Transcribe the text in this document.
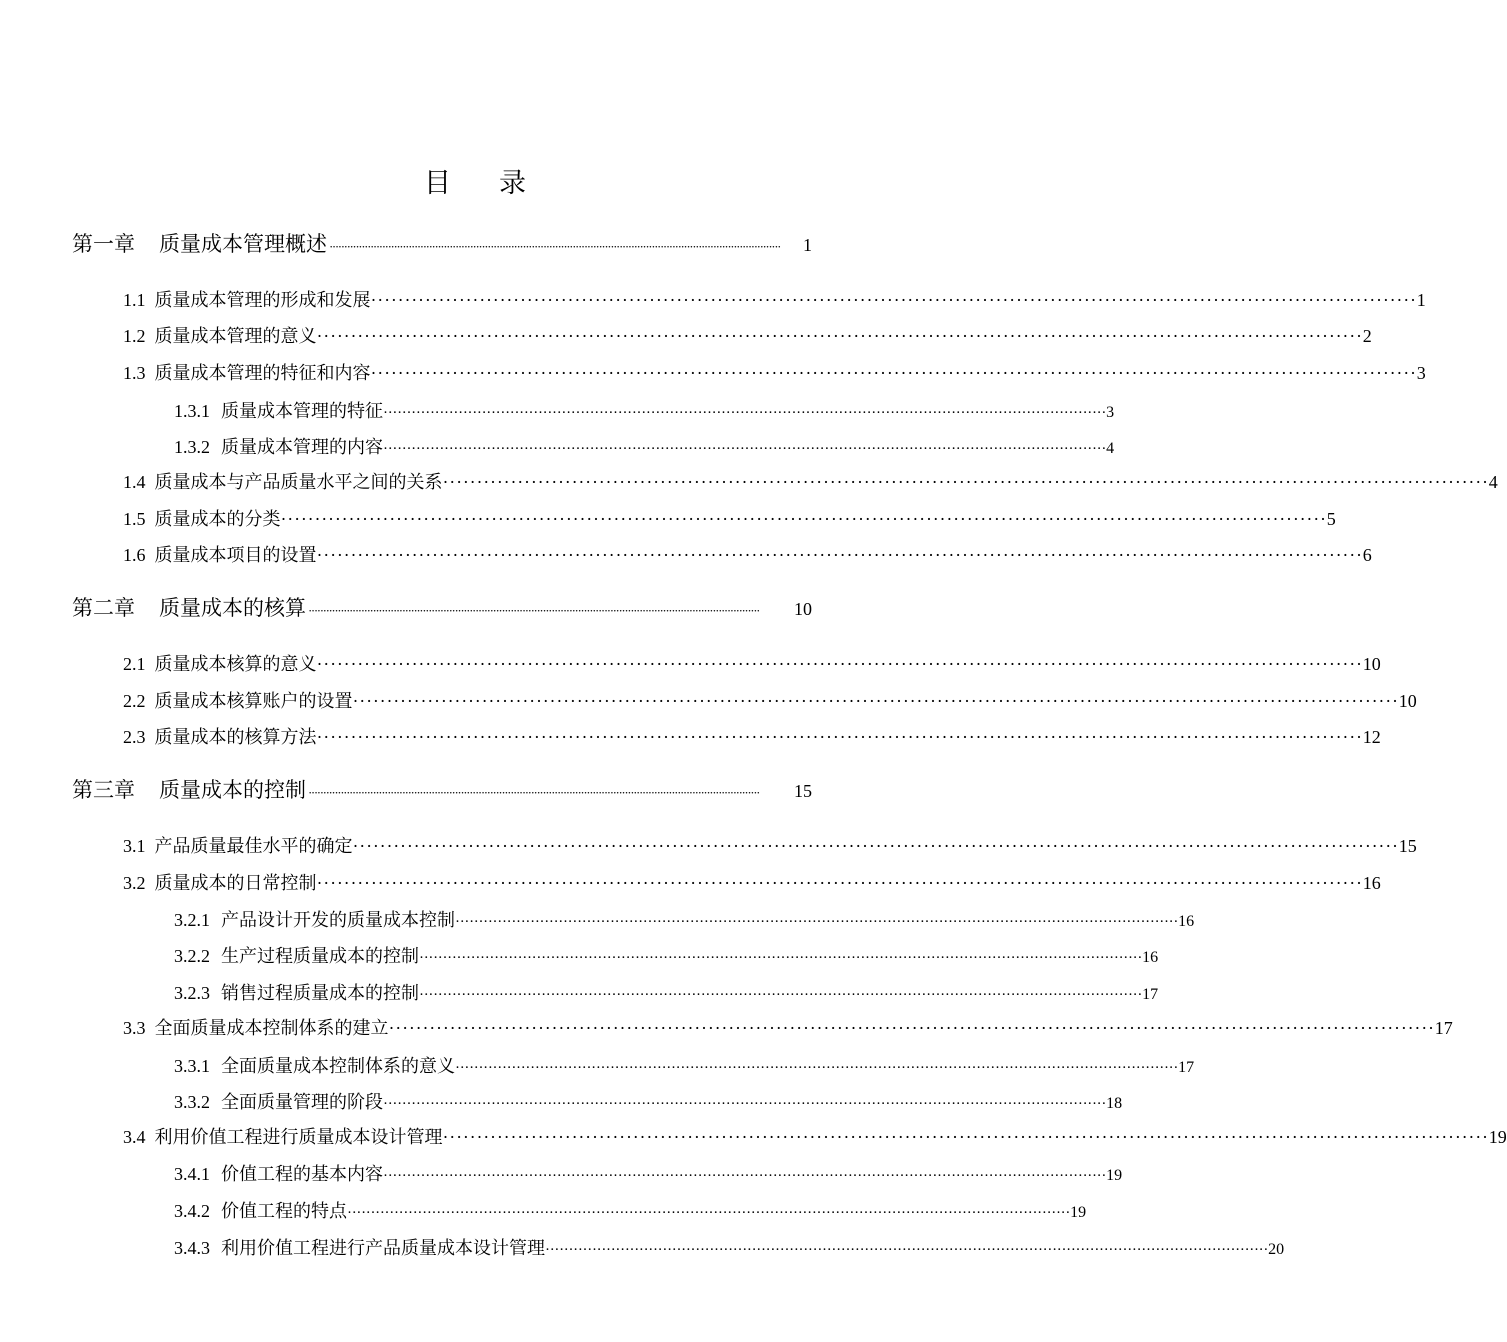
目录
第一章 质量成本管理概述 ··························································································································································	1
1.1 质量成本管理的形成和发展 ·························································································································································· 1
1.2 质量成本管理的意义 ·························································································································································· 2
1.3 质量成本管理的特征和内容 ·························································································································································· 3
1.3.1 质量成本管理的特征 ·························································································································································· 3
1.3.2 质量成本管理的内容 ·························································································································································· 4
1.4 质量成本与产品质量水平之间的关系 ·························································································································································· 4
1.5 质量成本的分类 ·························································································································································· 5
1.6 质量成本项目的设置 ·························································································································································· 6
第二章 质量成本的核算 ··························································································································································	10
2.1 质量成本核算的意义 ·························································································································································· 10
2.2 质量成本核算账户的设置 ·························································································································································· 10
2.3 质量成本的核算方法 ·························································································································································· 12
第三章 质量成本的控制 ··························································································································································	15
3.1 产品质量最佳水平的确定 ·························································································································································· 15
3.2 质量成本的日常控制 ·························································································································································· 16
3.2.1 产品设计开发的质量成本控制 ·························································································································································· 16
3.2.2 生产过程质量成本的控制 ·························································································································································· 16
3.2.3 销售过程质量成本的控制 ·························································································································································· 17
3.3 全面质量成本控制体系的建立 ·························································································································································· 17
3.3.1 全面质量成本控制体系的意义 ·························································································································································· 17
3.3.2 全面质量管理的阶段 ·························································································································································· 18
3.4 利用价值工程进行质量成本设计管理 ·························································································································································· 19
3.4.1 价值工程的基本内容 ·························································································································································· 19
3.4.2 价值工程的特点 ·························································································································································· 19
3.4.3 利用价值工程进行产品质量成本设计管理 ·························································································································································· 20
